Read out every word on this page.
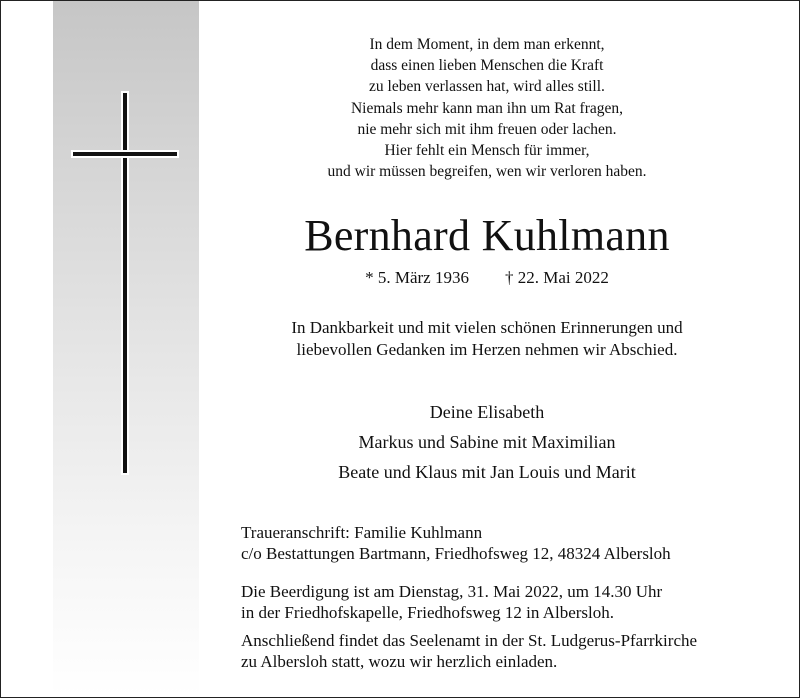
In dem Moment, in dem man erkennt,
dass einen lieben Menschen die Kraft
zu leben verlassen hat, wird alles still.
Niemals mehr kann man ihn um Rat fragen,
nie mehr sich mit ihm freuen oder lachen.
Hier fehlt ein Mensch für immer,
und wir müssen begreifen, wen wir verloren haben.
Bernhard Kuhlmann
* 5. März 1936 † 22. Mai 2022
In Dankbarkeit und mit vielen schönen Erinnerungen und
liebevollen Gedanken im Herzen nehmen wir Abschied.
Deine Elisabeth
Markus und Sabine mit Maximilian
Beate und Klaus mit Jan Louis und Marit
Traueranschrift: Familie Kuhlmann
c/o Bestattungen Bartmann, Friedhofsweg 12, 48324 Albersloh
Die Beerdigung ist am Dienstag, 31. Mai 2022, um 14.30 Uhr
in der Friedhofskapelle, Friedhofsweg 12 in Albersloh.
Anschließend findet das Seelenamt in der St. Ludgerus-Pfarrkirche
zu Albersloh statt, wozu wir herzlich einladen.
